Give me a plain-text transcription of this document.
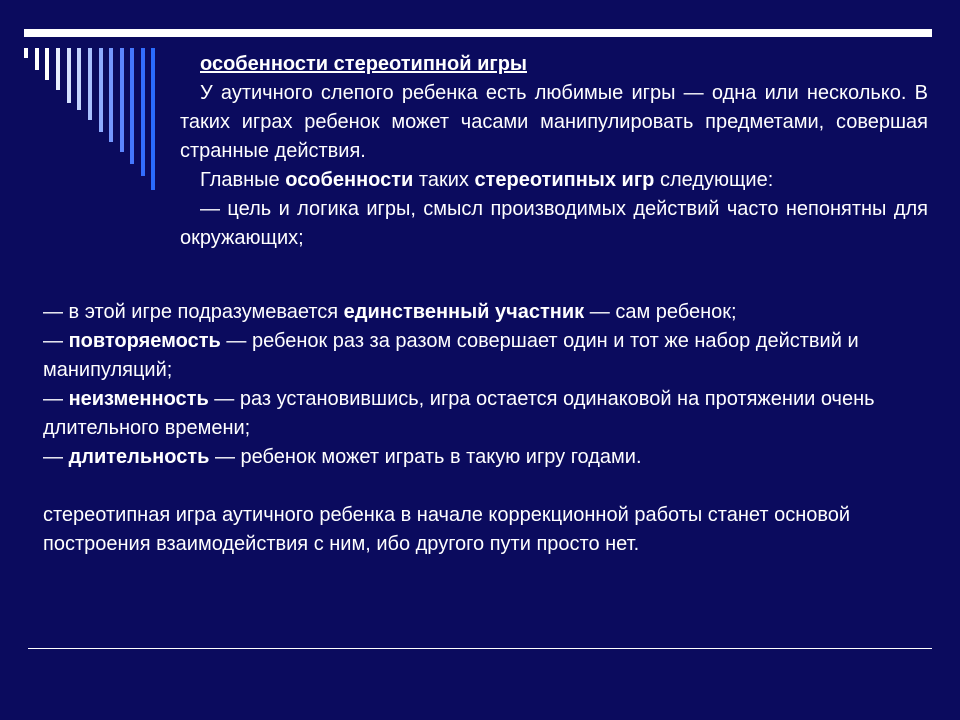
особенности стереотипной игры

У аутичного слепого ребенка есть любимые игры — одна или несколько. В таких играх ребенок может часами манипулировать предметами, совершая странные действия.

Главные особенности таких стереотипных игр следующие:

— цель и логика игры, смысл производимых действий часто непонятны для окружающих;

— в этой игре подразумевается единственный участник — сам ребенок;

— повторяемость — ребенок раз за разом совершает один и тот же набор действий и манипуляций;

— неизменность — раз установившись, игра остается одинаковой на протяжении очень длительного времени;

— длительность — ребенок может играть в такую игру годами.

стереотипная игра аутичного ребенка в начале коррекционной работы станет основой построения взаимодействия с ним, ибо другого пути просто нет.
